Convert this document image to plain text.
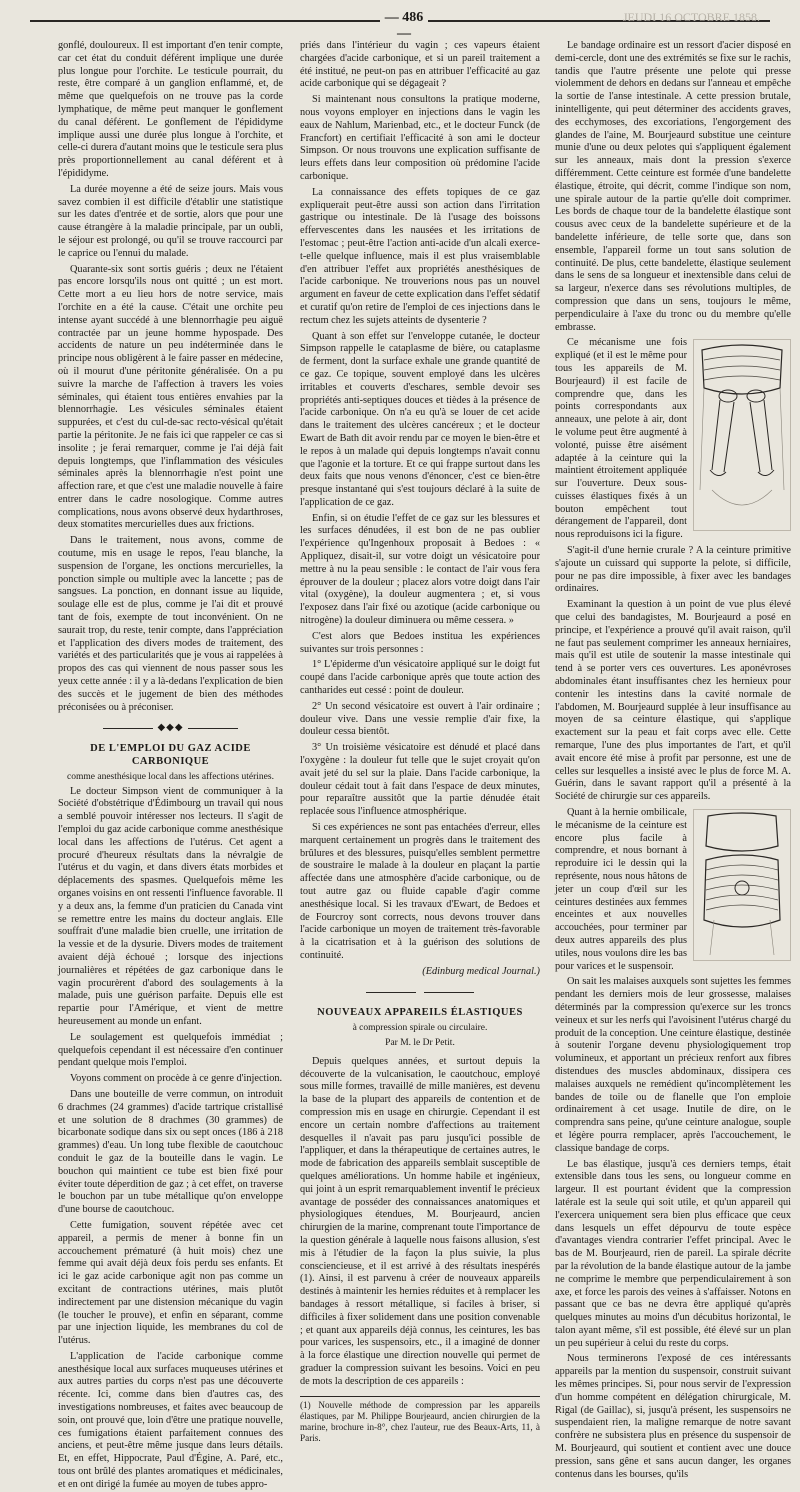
— 486 —
JEUDI 16 OCTOBRE 1858.

gonflé, douloureux. Il est important d'en tenir compte, car cet état du conduit déférent implique une durée plus longue pour l'orchite. Le testicule pourrait, du reste, être comparé à un ganglion enflammé, et, de même que quelquefois on ne trouve pas la corde lymphatique, de même peut manquer le gonflement du canal déférent. Le gonflement de l'épididyme implique aussi une durée plus longue à l'orchite, et celle-ci durera d'autant moins que le testicule sera plus près proportionnellement au canal déférent et à l'épididyme.

La durée moyenne a été de seize jours. Mais vous savez combien il est difficile d'établir une statistique sur les dates d'entrée et de sortie, alors que pour une cause étrangère à la maladie principale, par un oubli, le séjour est prolongé, ou qu'il se trouve raccourci par le caprice ou l'ennui du malade.

Quarante-six sont sortis guéris ; deux ne l'étaient pas encore lorsqu'ils nous ont quitté ; un est mort. Cette mort a eu lieu hors de notre service, mais l'orchite en a été la cause. C'était une orchite peu intense ayant succédé à une blennorrhagie peu aiguë contractée par un jeune homme hypospade. Des accidents de nature un peu indéterminée dans le principe nous obligèrent à le faire passer en médecine, où il mourut d'une péritonite généralisée. On a pu suivre la marche de l'affection à travers les voies séminales, qui étaient tous entières envahies par la blennorrhagie. Les vésicules séminales étaient suppurées, et c'est du cul-de-sac recto-vésical qu'était partie la péritonite. Je ne fais ici que rappeler ce cas si insolite ; je ferai remarquer, comme je l'ai déjà fait depuis longtemps, que l'inflammation des vésicules séminales après la blennorrhagie n'est point une affection rare, et que c'est une maladie nouvelle à faire entrer dans le cadre nosologique. Comme autres complications, nous avons observé deux hydarthroses, deux stomatites mercurielles dues aux frictions.

Dans le traitement, nous avons, comme de coutume, mis en usage le repos, l'eau blanche, la suspension de l'organe, les onctions mercurielles, la ponction simple ou multiple avec la lancette ; pas de sangsues. La ponction, en donnant issue au liquide, soulage elle est de plus, comme je l'ai dit et prouvé tant de fois, exempte de tout inconvénient. On ne saurait trop, du reste, tenir compte, dans l'appréciation et l'application des divers modes de traitement, des variétés et des particularités que je vous ai rappelées à propos des cas qui viennent de nous passer sous les yeux cette année : il y a là-dedans l'explication de bien des succès et le jugement de bien des méthodes préconisées ou à préconiser.

◆◆◆
DE L'EMPLOI DU GAZ ACIDE CARBONIQUE
comme anesthésique local dans les affections utérines.

Le docteur Simpson vient de communiquer à la Société d'obstétrique d'Édimbourg un travail qui nous a semblé pouvoir intéresser nos lecteurs. Il s'agit de l'emploi du gaz acide carbonique comme anesthésique local dans les affections de l'utérus. Cet agent a procuré d'heureux résultats dans la névralgie de l'utérus et du vagin, et dans divers états morbides et déplacements des spasmes. Quelquefois même les organes voisins en ont ressenti l'influence favorable. Il y a deux ans, la femme d'un praticien du Canada vint se remettre entre les mains du docteur anglais. Elle souffrait d'une maladie bien cruelle, une irritation de la vessie et de la dysurie. Divers modes de traitement avaient déjà échoué ; lorsque des injections journalières et répétées de gaz carbonique dans le vagin procurèrent d'abord des soulagements à la malade, puis une guérison parfaite. Depuis elle est repartie pour l'Amérique, et vient de mettre heureusement au monde un enfant.

Le soulagement est quelquefois immédiat ; quelquefois cependant il est nécessaire d'en continuer pendant quelque mois l'emploi.

Voyons comment on procède à ce genre d'injection.

Dans une bouteille de verre commun, on introduit 6 drachmes (24 grammes) d'acide tartrique cristallisé et une solution de 8 drachmes (30 grammes) de bicarbonate sodique dans six ou sept onces (186 à 218 grammes) d'eau. Un long tube flexible de caoutchouc conduit le gaz de la bouteille dans le vagin. Le bouchon qui maintient ce tube est bien fixé pour éviter toute déperdition de gaz ; à cet effet, on traverse le bouchon par un tube métallique qu'on enveloppe d'une bourse de caoutchouc.

Cette fumigation, souvent répétée avec cet appareil, a permis de mener à bonne fin un accouchement prématuré (à huit mois) chez une femme qui avait déjà deux fois perdu ses enfants. Et ici le gaz acide carbonique agit non pas comme un excitant de contractions utérines, mais plutôt indirectement par une distension mécanique du vagin (le toucher le prouve), et enfin en séparant, comme par une injection liquide, les membranes du col de l'utérus.

L'application de l'acide carbonique comme anesthésique local aux surfaces muqueuses utérines et aux autres parties du corps n'est pas une découverte récente. Ici, comme dans bien d'autres cas, des investigations nombreuses, et faites avec beaucoup de soin, ont prouvé que, loin d'être une pratique nouvelle, ces fumigations étaient parfaitement connues des anciens, et peut-être même jusque dans leurs détails. Et, en effet, Hippocrate, Paul d'Égine, A. Paré, etc., tous ont brûlé des plantes aromatiques et médicinales, et en ont dirigé la fumée au moyen de tubes appro-

priés dans l'intérieur du vagin ; ces vapeurs étaient chargées d'acide carbonique, et si un pareil traitement a été institué, ne peut-on pas en attribuer l'efficacité au gaz acide carbonique qui se dégageait ?

Si maintenant nous consultons la pratique moderne, nous voyons employer en injections dans le vagin les eaux de Nahlum, Marienbad, etc., et le docteur Funck (de Francfort) en certifiait l'efficacité à son ami le docteur Simpson. Or nous trouvons une explication suffisante de leurs effets dans leur composition où prédomine l'acide carbonique.

La connaissance des effets topiques de ce gaz expliquerait peut-être aussi son action dans l'irritation gastrique ou intestinale. De là l'usage des boissons effervescentes dans les nausées et les irritations de l'estomac ; peut-être l'action anti-acide d'un alcali exerce-t-elle quelque influence, mais il est plus vraisemblable d'en attribuer l'effet aux propriétés anesthésiques de l'acide carbonique. Ne trouverions nous pas un nouvel argument en faveur de cette explication dans l'effet sédatif et curatif qu'on retire de l'emploi de ces injections dans le rectum chez les sujets atteints de dysenterie ?

Quant à son effet sur l'enveloppe cutanée, le docteur Simpson rappelle le cataplasme de bière, ou cataplasme de ferment, dont la surface exhale une grande quantité de ce gaz. Ce topique, souvent employé dans les ulcères irritables et couverts d'eschares, semble devoir ses propriétés anti-septiques douces et tièdes à la présence de l'acide carbonique. On n'a eu qu'à se louer de cet acide dans le traitement des ulcères cancéreux ; et le docteur Ewart de Bath dit avoir rendu par ce moyen le bien-être et le repos à un malade qui depuis longtemps n'avait connu que l'agonie et la torture. Et ce qui frappe surtout dans les deux faits que nous venons d'énoncer, c'est ce bien-être presque instantané qui s'est toujours déclaré à la suite de l'application de ce gaz.

Enfin, si on étudie l'effet de ce gaz sur les blessures et les surfaces dénudées, il est bon de ne pas oublier l'expérience qu'Ingenhoux proposait à Bedoes : « Appliquez, disait-il, sur votre doigt un vésicatoire pour mettre à nu la peau sensible : le contact de l'air vous fera éprouver de la douleur ; placez alors votre doigt dans l'air vital (oxygène), la douleur augmentera ; et, si vous l'exposez dans l'air fixé ou azotique (acide carbonique ou nitrogène) la douleur diminuera ou même cessera. »

C'est alors que Bedoes institua les expériences suivantes sur trois personnes :

1° L'épiderme d'un vésicatoire appliqué sur le doigt fut coupé dans l'acide carbonique après que toute action des cantharides eut cessé : point de douleur.

2° Un second vésicatoire est ouvert à l'air ordinaire ; douleur vive. Dans une vessie remplie d'air fixe, la douleur cessa bientôt.

3° Un troisième vésicatoire est dénudé et placé dans l'oxygène : la douleur fut telle que le sujet croyait qu'on avait jeté du sel sur la plaie. Dans l'acide carbonique, la douleur cédait tout à fait dans l'espace de deux minutes, pour reparaître aussitôt que la partie dénudée était replacée sous l'influence atmosphérique.

Si ces expériences ne sont pas entachées d'erreur, elles marquent certainement un progrès dans le traitement des brûlures et des blessures, puisqu'elles semblent permettre de soustraire le malade à la douleur en plaçant la partie affectée dans une atmosphère d'acide carbonique, ou de tout autre gaz ou fluide capable d'agir comme anesthésique local. Si les travaux d'Ewart, de Bedoes et de Fourcroy sont corrects, nous devons trouver dans l'acide carbonique un moyen de traitement très-favorable à la cicatrisation et à la guérison des solutions de continuité.

(Edinburg medical Journal.)

NOUVEAUX APPAREILS ÉLASTIQUES
à compression spirale ou circulaire.
Par M. le Dr Petit.

Depuis quelques années, et surtout depuis la découverte de la vulcanisation, le caoutchouc, employé sous mille formes, travaillé de mille manières, est devenu la base de la plupart des appareils de contention et de compression mis en usage en chirurgie. Cependant il est encore un certain nombre d'affections au traitement desquelles il n'avait pas paru jusqu'ici possible de l'appliquer, et dans la thérapeutique de certaines autres, le mode de fabrication des appareils semblait susceptible de quelques améliorations. Un homme habile et ingénieux, qui joint à un esprit remarquablement inventif le précieux avantage de posséder des connaissances anatomiques et physiologiques étendues, M. Bourjeaurd, ancien chirurgien de la marine, comprenant toute l'importance de la question générale à laquelle nous faisons allusion, s'est mis à l'étudier de la façon la plus suivie, la plus consciencieuse, et il est arrivé à des résultats inespérés (1). Ainsi, il est parvenu à créer de nouveaux appareils destinés à maintenir les hernies réduites et à remplacer les bandages à ressort métallique, si faciles à briser, si difficiles à fixer solidement dans une position convenable ; et quant aux appareils déjà connus, les ceintures, les bas pour varices, les suspensoirs, etc., il a imaginé de donner à la force élastique une direction nouvelle qui permet de graduer la compression suivant les besoins. Voici en peu de mots la description de ces appareils :

(1) Nouvelle méthode de compression par les appareils élastiques, par M. Philippe Bourjeaurd, ancien chirurgien de la marine, brochure in-8°, chez l'auteur, rue des Beaux-Arts, 11, à Paris.

Le bandage ordinaire est un ressort d'acier disposé en demi-cercle, dont une des extrémités se fixe sur le rachis, tandis que l'autre présente une pelote qui presse violemment de dehors en dedans sur l'anneau et empêche la sortie de l'anse intestinale. A cette pression brutale, inintelligente, qui peut déterminer des accidents graves, des ecchymoses, des excoriations, l'engorgement des glandes de l'aine, M. Bourjeaurd substitue une ceinture munie d'une ou deux pelotes qui s'appliquent également sur les anneaux, mais dont la pression s'exerce différemment. Cette ceinture est formée d'une bandelette élastique, étroite, qui décrit, comme l'indique son nom, une spirale autour de la partie qu'elle doit comprimer. Les bords de chaque tour de la bandelette élastique sont cousus avec ceux de la bandelette supérieure et de la bandelette inférieure, de telle sorte que, dans son ensemble, l'appareil forme un tout sans solution de continuité. De plus, cette bandelette, élastique seulement dans le sens de sa longueur et inextensible dans celui de sa largeur, n'exerce dans ses révolutions multiples, de compression que dans un sens, toujours le même, perpendiculaire à l'axe du tronc ou du membre qu'elle embrasse.

Ce mécanisme une fois expliqué (et il est le même pour tous les appareils de M. Bourjeaurd) il est facile de comprendre que, dans les points correspondants aux anneaux, une pelote à air, dont le volume peut être augmenté à volonté, puisse être aisément adaptée à la ceinture qui la maintient étroitement appliquée sur l'ouverture. Deux sous-cuisses élastiques fixés à un bouton empêchent tout dérangement de l'appareil, dont nous reproduisons ici la figure.

S'agit-il d'une hernie crurale ? A la ceinture primitive s'ajoute un cuissard qui supporte la pelote, si difficile, pour ne pas dire impossible, à fixer avec les bandages ordinaires.

Examinant la question à un point de vue plus élevé que celui des bandagistes, M. Bourjeaurd a posé en principe, et l'expérience a prouvé qu'il avait raison, qu'il ne faut pas seulement comprimer les anneaux herniaires, mais qu'il est utile de soutenir la masse intestinale qui tend à se porter vers ces ouvertures. Les aponévroses abdominales étant insuffisantes chez les hernieux pour contenir les intestins dans la cavité normale de l'abdomen, M. Bourjeaurd supplée à leur insuffisance au moyen de sa ceinture élastique, qui s'applique exactement sur la peau et fait corps avec elle. Cette remarque, l'une des plus importantes de l'art, et qu'il avait encore été mise à profit par personne, est une de celles sur lesquelles a insisté avec le plus de force M. A. Guérin, dans le savant rapport qu'il a présenté à la Société de chirurgie sur ces appareils.

Quant à la hernie ombilicale, le mécanisme de la ceinture est encore plus facile à comprendre, et nous bornant à reproduire ici le dessin qui la représente, nous nous hâtons de jeter un coup d'œil sur les ceintures destinées aux femmes enceintes et aux nouvelles accouchées, pour terminer par deux autres appareils des plus utiles, nous voulons dire les bas pour varices et le suspensoir.

On sait les malaises auxquels sont sujettes les femmes pendant les derniers mois de leur grossesse, malaises déterminés par la compression qu'exerce sur les troncs veineux et sur les nerfs qui l'avoisinent l'utérus chargé du produit de la conception. Une ceinture élastique, destinée à soutenir l'organe devenu physiologiquement trop volumineux, et apportant un précieux renfort aux fibres distendues des muscles abdominaux, dissipera ces malaises auxquels ne remédient qu'incomplètement les bandes de toile ou de flanelle que l'on emploie ordinairement à cet usage. Inutile de dire, on le comprendra sans peine, qu'une ceinture analogue, souple et légère pourra remplacer, après l'accouchement, le classique bandage de corps.

Le bas élastique, jusqu'à ces derniers temps, était extensible dans tous les sens, ou longueur comme en largeur. Il est pourtant évident que la compression latérale est la seule qui soit utile, et qu'un appareil qui l'exercera uniquement sera bien plus efficace que ceux dans lesquels un effet dépourvu de toute espèce d'avantages viendra contrarier l'effet principal. Avec le bas de M. Bourjeaurd, rien de pareil. La spirale décrite par la révolution de la bande élastique autour de la jambe ne comprime le membre que perpendiculairement à son axe, et force les parois des veines à s'affaisser. Notons en passant que ce bas ne devra être appliqué qu'après quelques minutes au moins d'un décubitus horizontal, le talon ayant même, s'il est possible, été élevé sur un plan un peu supérieur à celui du reste du corps.

Nous terminerons l'exposé de ces intéressants appareils par la mention du suspensoir, construit suivant les mêmes principes. Si, pour nous servir de l'expression d'un homme compétent en délégation chirurgicale, M. Rigal (de Gaillac), si, jusqu'à présent, les suspensoirs ne suspendaient rien, la maligne remarque de notre savant confrère ne subsistera plus en présence du suspensoir de M. Bourjeaurd, qui soutient et contient avec une douce pression, sans gêne et sans aucun danger, les organes contenus dans les bourses, qu'ils
